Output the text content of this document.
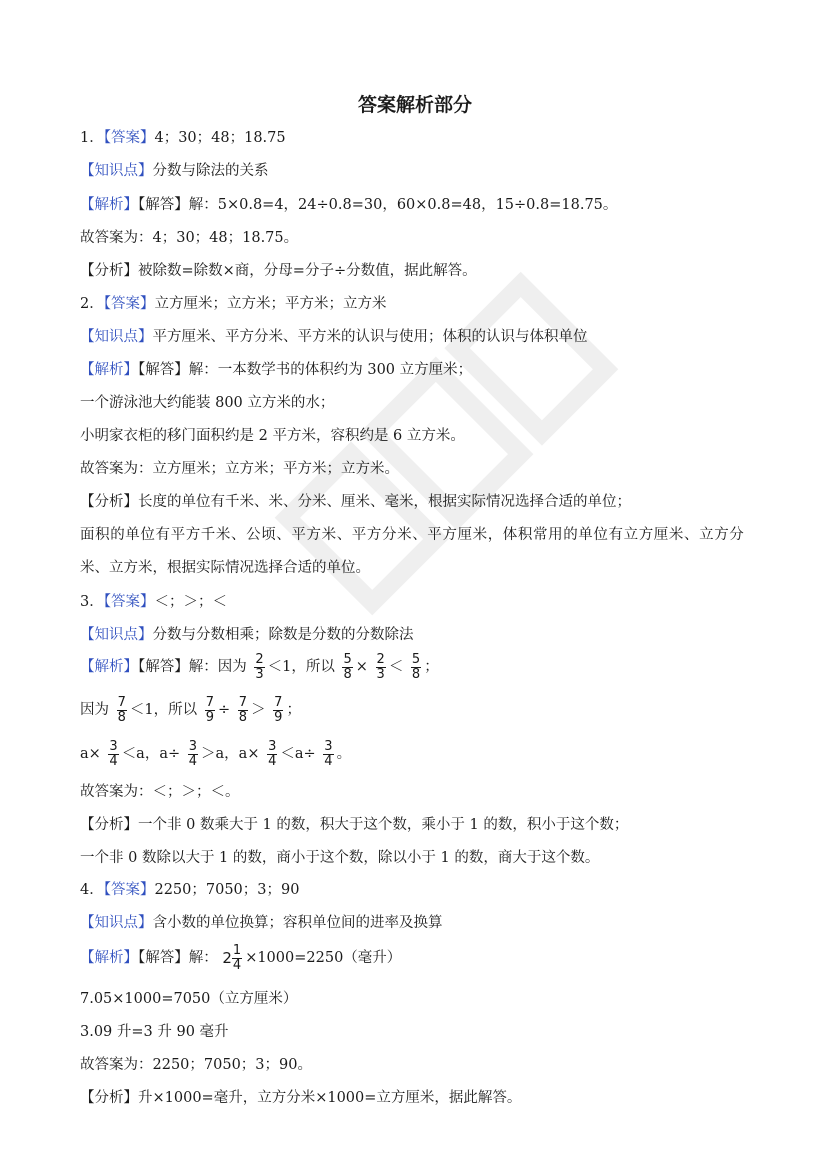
答案解析部分
1．【答案】4；30；48；18.75
【知识点】分数与除法的关系
【解析】【解答】解：5×0.8=4，24÷0.8=30，60×0.8=48，15÷0.8=18.75。
故答案为：4；30；48；18.75。
【分析】被除数=除数×商，分母=分子÷分数值，据此解答。
2．【答案】立方厘米；立方米；平方米；立方米
【知识点】平方厘米、平方分米、平方米的认识与使用；体积的认识与体积单位
【解析】【解答】解：一本数学书的体积约为 300 立方厘米；
一个游泳池大约能装 800 立方米的水；
小明家衣柜的移门面积约是 2 平方米，容积约是 6 立方米。
故答案为：立方厘米；立方米；平方米；立方米。
【分析】长度的单位有千米、米、分米、厘米、毫米，根据实际情况选择合适的单位；
面积的单位有平方千米、公顷、平方米、平方分米、平方厘米，体积常用的单位有立方厘米、立方分
米、立方米，根据实际情况选择合适的单位。
3．【答案】＜；＞；＜
【知识点】分数与分数相乘；除数是分数的分数除法
【解析】【解答】解：因为 $\frac{2}{3} <1$，所以 $\frac{5}{8} \times \frac{2}{3} < \frac{5}{8}$ ；
因为 $\frac{7}{8} <1$，所以 $\frac{7}{9} \div \frac{7}{8} > \frac{7}{9}$ ；
$a\times \frac{3}{4} <a$，$a\div \frac{3}{4} >a$，$a\times \frac{3}{4} <a\div \frac{3}{4}$ 。
故答案为：＜；＞；＜。
【分析】一个非 0 数乘大于 1 的数，积大于这个数，乘小于 1 的数，积小于这个数；
一个非 0 数除以大于 1 的数，商小于这个数，除以小于 1 的数，商大于这个数。
4．【答案】2250；7050；3；90
【知识点】含小数的单位换算；容积单位间的进率及换算
【解析】【解答】解： $2 \frac{1}{4} \times 1000=2250$（毫升）
7.05×1000=7050（立方厘米）
3.09 升=3 升 90 毫升
故答案为：2250；7050；3；90。
【分析】升×1000=毫升，立方分米×1000=立方厘米，据此解答。
